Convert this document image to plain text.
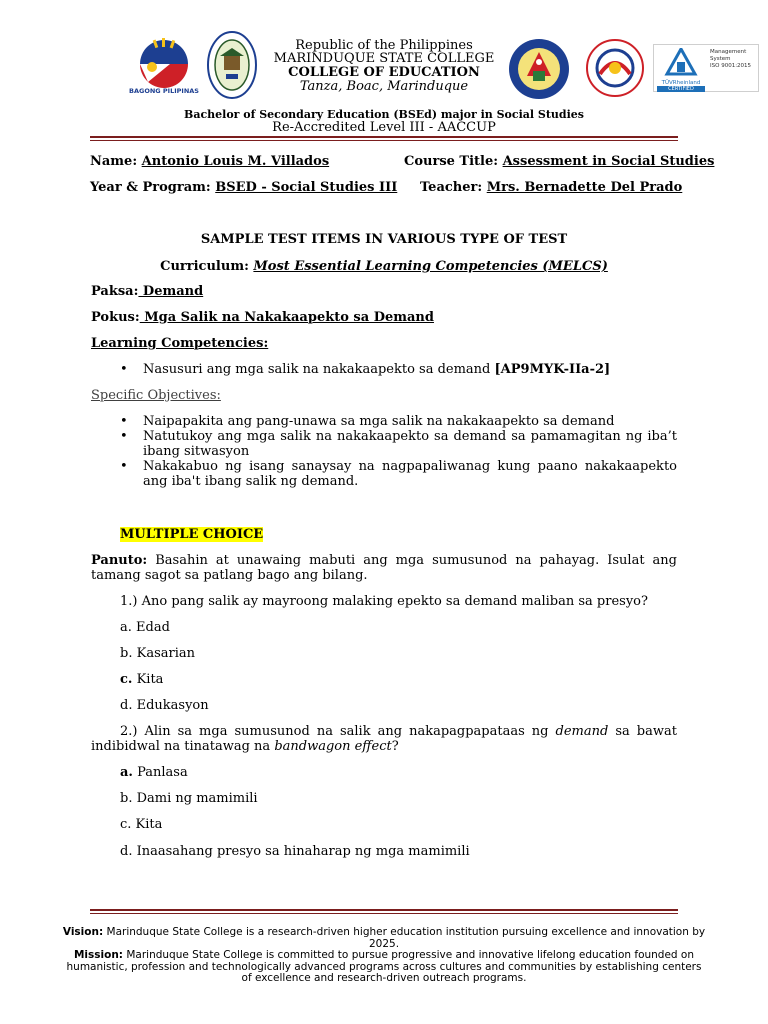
BAGONG PILIPINAS
TÜVRheinland
CERTIFIED
Management
System
ISO 9001:2015
Republic of the Philippines
MARINDUQUE STATE COLLEGE
COLLEGE OF EDUCATION
Tanza, Boac, Marinduque
Bachelor of Secondary Education (BSEd) major in Social Studies
Re-Accredited Level III - AACCUP
Name: Antonio Louis M. Villados	Course Title: Assessment in Social Studies
Year & Program: BSED - Social Studies III Teacher: Mrs. Bernadette Del Prado
SAMPLE TEST ITEMS IN VARIOUS TYPE OF TEST
Curriculum: Most Essential Learning Competencies (MELCS)
Paksa: Demand
Pokus: Mga Salik na Nakakaapekto sa Demand
Learning Competencies:
• Nasusuri ang mga salik na nakakaapekto sa demand [AP9MYK-IIa-2]
Specific Objectives:
• Naipapakita ang pang-unawa sa mga salik na nakakaapekto sa demand
• Natutukoy ang mga salik na nakakaapekto sa demand sa pamamagitan ng iba’t ibang sitwasyon
• Nakakabuo ng isang sanaysay na nagpapaliwanag kung paano nakakaapekto ang iba't ibang salik ng demand.
MULTIPLE CHOICE
Panuto: Basahin at unawaing mabuti ang mga sumusunod na pahayag. Isulat ang tamang sagot sa patlang bago ang bilang.
1.) Ano pang salik ay mayroong malaking epekto sa demand maliban sa presyo?
a. Edad
b. Kasarian
c. Kita
d. Edukasyon
2.) Alin sa mga sumusunod na salik ang nakapagpapataas ng demand sa bawat indibidwal na tinatawag na bandwagon effect?
a. Panlasa
b. Dami ng mamimili
c. Kita
d. Inaasahang presyo sa hinaharap ng mga mamimili
Vision: Marinduque State College is a research-driven higher education institution pursuing excellence and innovation by 2025.
Mission: Marinduque State College is committed to pursue progressive and innovative lifelong education founded on humanistic, profession and technologically advanced programs across cultures and communities by establishing centers of excellence and research-driven outreach programs.
